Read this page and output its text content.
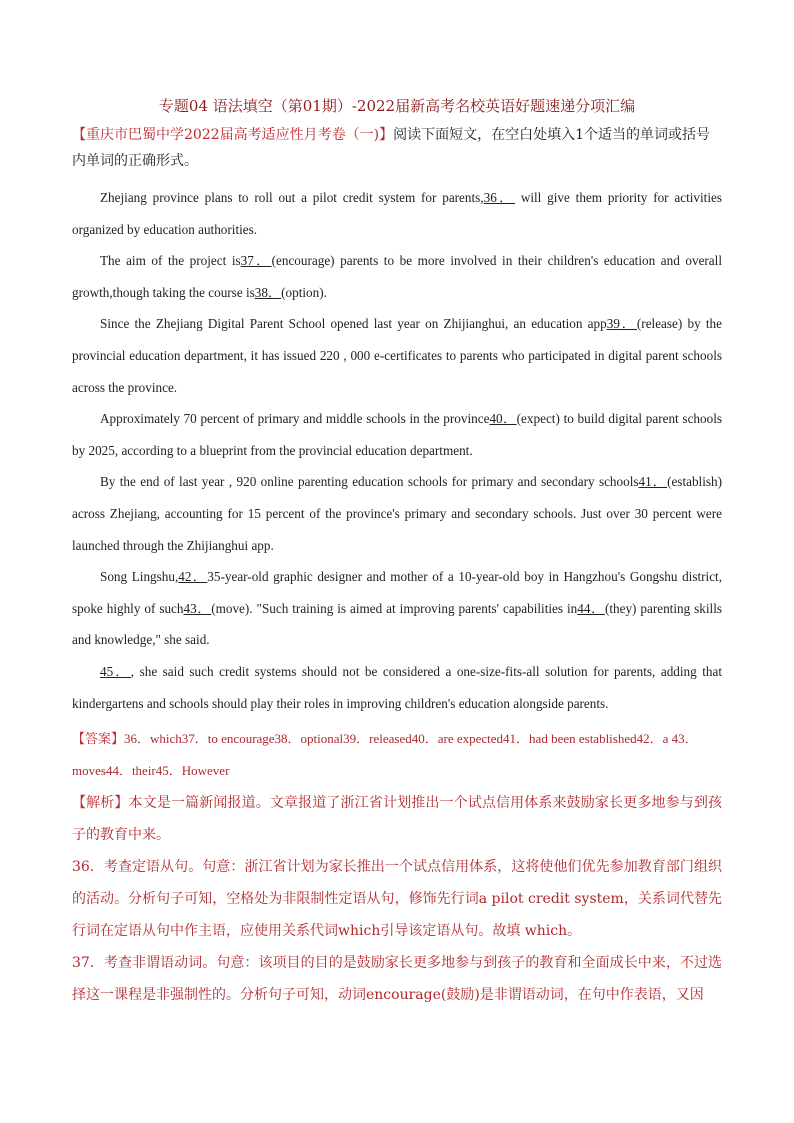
专题04 语法填空（第01期）-2022届新高考名校英语好题速递分项汇编

【重庆市巴蜀中学2022届高考适应性月考卷（一)】阅读下面短文，在空白处填入1个适当的单词或括号内单词的正确形式。

Zhejiang province plans to roll out a pilot credit system for parents,36． will give them priority for activities organized by education authorities.

The aim of the project is37．(encourage) parents to be more involved in their children's education and overall growth,though taking the course is38．(option).

Since the Zhejiang Digital Parent School opened last year on Zhijianghui, an education app39．(release) by the provincial education department, it has issued 220 , 000 e-certificates to parents who participated in digital parent schools across the province.

Approximately 70 percent of primary and middle schools in the province40．(expect) to build digital parent schools by 2025, according to a blueprint from the provincial education department.

By the end of last year , 920 online parenting education schools for primary and secondary schools41．(establish) across Zhejiang, accounting for 15 percent of the province's primary and secondary schools. Just over 30 percent were launched through the Zhijianghui app.

Song Lingshu,42．35-year-old graphic designer and mother of a 10-year-old boy in Hangzhou's Gongshu district, spoke highly of such43．(move). "Such training is aimed at improving parents' capabilities in44．(they) parenting skills and knowledge," she said.

45．, she said such credit systems should not be considered a one-size-fits-all solution for parents, adding that kindergartens and schools should play their roles in improving children's education alongside parents.

【答案】36．which37．to encourage38．optional39．released40．are expected41．had been established42．a 43．moves44．their45．However

【解析】本文是一篇新闻报道。文章报道了浙江省计划推出一个试点信用体系来鼓励家长更多地参与到孩子的教育中来。

36．考查定语从句。句意：浙江省计划为家长推出一个试点信用体系，这将使他们优先参加教育部门组织的活动。分析句子可知，空格处为非限制性定语从句，修饰先行词a pilot credit system，关系词代替先行词在定语从句中作主语，应使用关系代词which引导该定语从句。故填 which。

37．考查非谓语动词。句意：该项目的目的是鼓励家长更多地参与到孩子的教育和全面成长中来，不过选择这一课程是非强制性的。分析句子可知，动词encourage(鼓励)是非谓语动词，在句中作表语，又因
